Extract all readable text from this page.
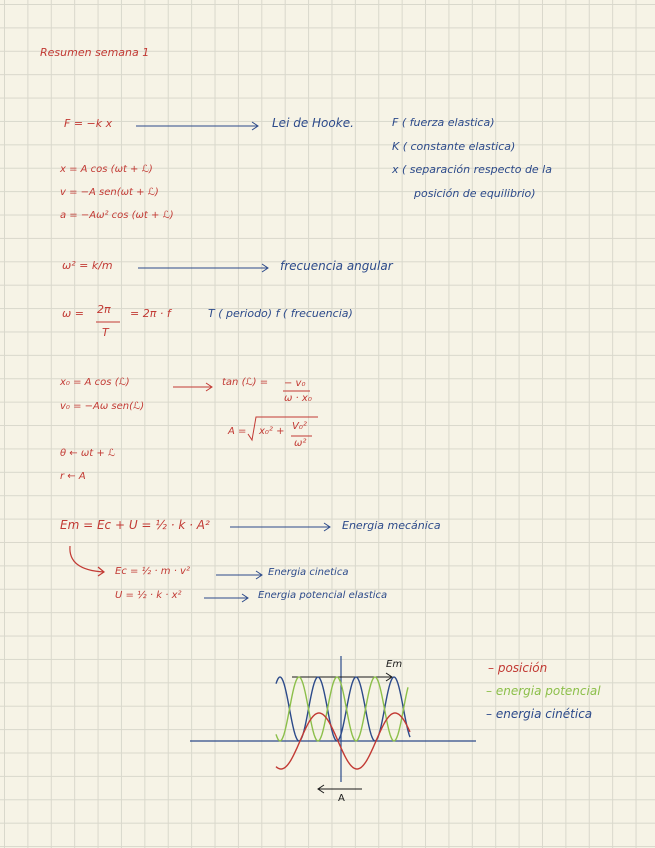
Resumen semana 1
F = −k x	Lei de Hooke.	F ( fuerza elastica)
K ( constante elastica)
x ( separación respecto de la
posición de equilibrio)
x = A cos (ωt + ℒ)
v = −A sen(ωt + ℒ)
a = −Aω² cos (ωt + ℒ)
ω² = k/m	frecuencia angular
ω = 2π
T
= 2π · f	T ( periodo) f ( frecuencia)
x₀ = A cos (ℒ)
v₀ = −Aω sen(ℒ)
tan (ℒ) = − v₀
ω · x₀
A = x₀² + V₀²
ω²
θ ← ωt + ℒ
r ← A
Em = Ec + U = ½ · k · A²	Energia mecánica
Ec = ½ · m · v²	Energia cinetica
U = ½ · k · x²	Energia potencial elastica
Em
A
– posición
– energia potencial
– energia cinética
